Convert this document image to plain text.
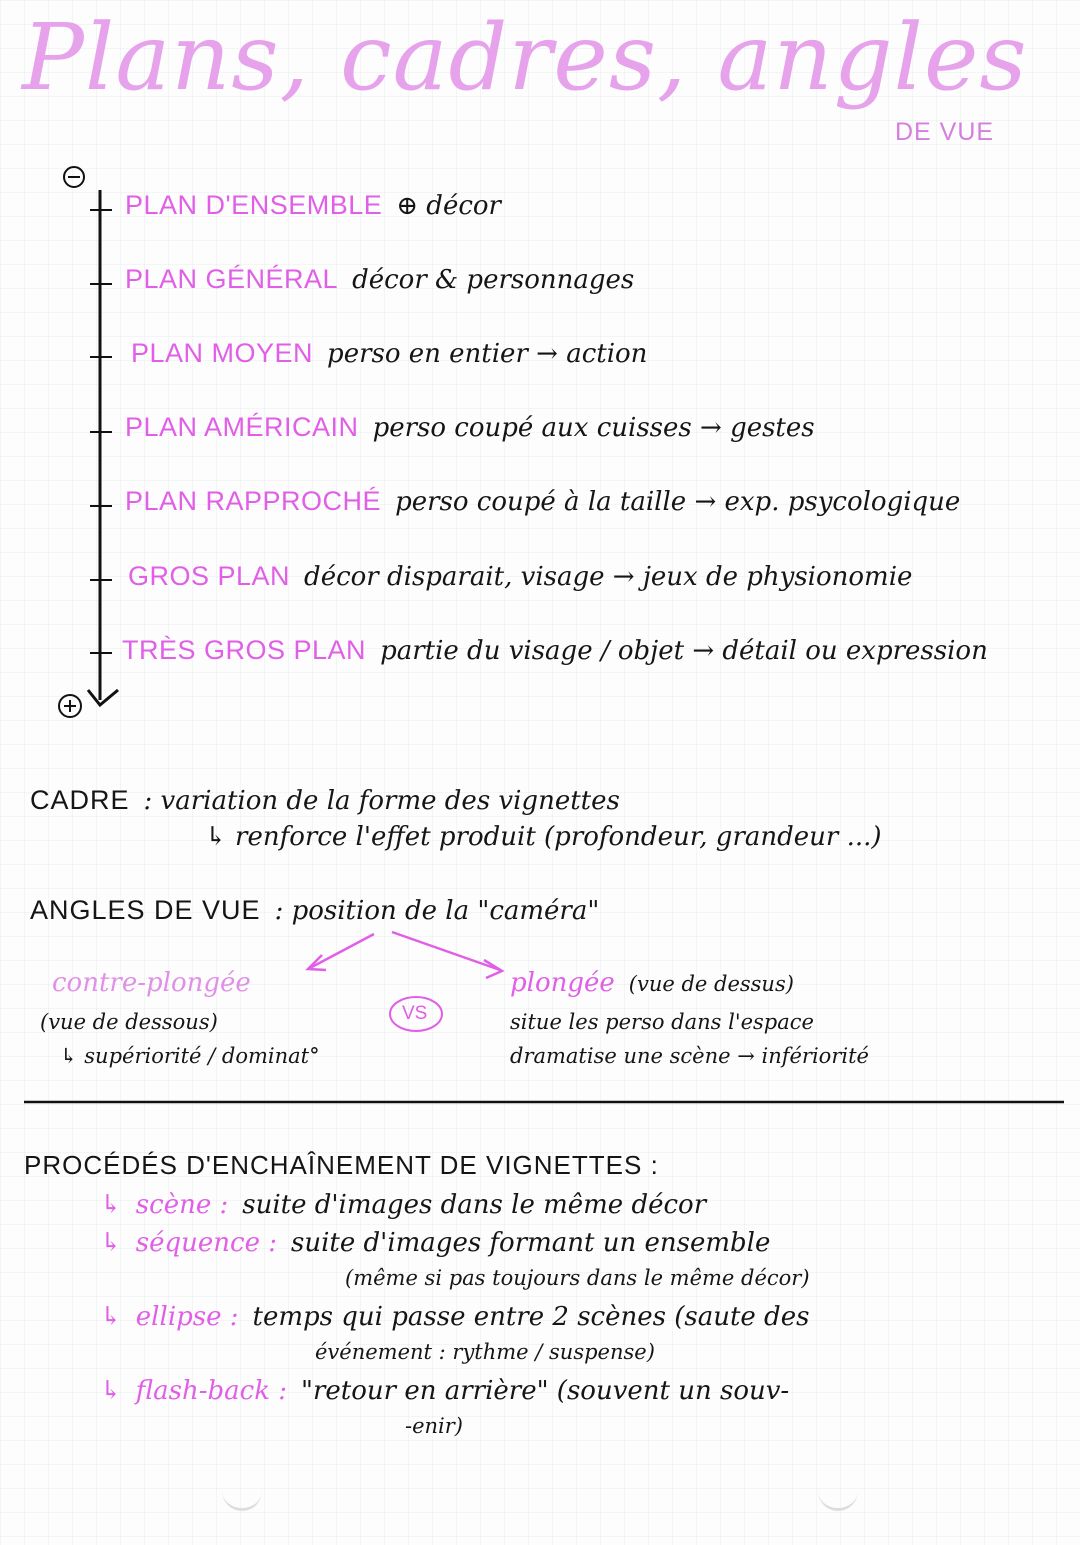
Plans, cadres, angles
DE VUE
PLAN D'ENSEMBLE ⊕ décor
PLAN GÉNÉRAL décor & personnages
PLAN MOYEN perso en entier → action
PLAN AMÉRICAIN perso coupé aux cuisses → gestes
PLAN RAPPROCHÉ perso coupé à la taille → exp. psycologique
GROS PLAN décor disparait, visage → jeux de physionomie
TRÈS GROS PLAN partie du visage / objet → détail ou expression
CADRE : variation de la forme des vignettes
↳ renforce l'effet produit (profondeur, grandeur ...)
ANGLES DE VUE : position de la "caméra"
contre-plongée
(vue de dessous)
↳ supériorité / dominat°
VS
plongée (vue de dessus)
situe les perso dans l'espace
dramatise une scène → infériorité
PROCÉDÉS D'ENCHAÎNEMENT DE VIGNETTES :
↳ scène : suite d'images dans le même décor
↳ séquence : suite d'images formant un ensemble
(même si pas toujours dans le même décor)
↳ ellipse : temps qui passe entre 2 scènes (saute des
événement : rythme / suspense)
↳ flash-back : "retour en arrière" (souvent un souv-
-enir)
